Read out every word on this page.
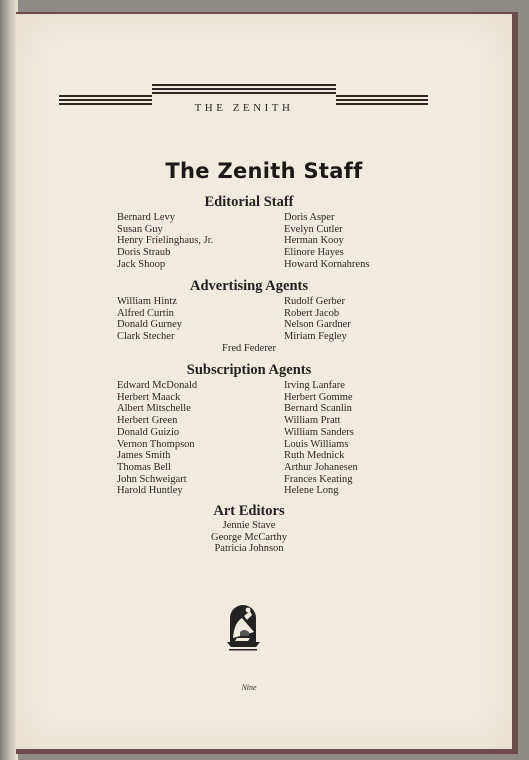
THE ZENITH
The Zenith Staff
Editorial Staff
Bernard Levy
Susan Guy
Henry Frielinghaus, Jr.
Doris Straub
Jack Shoop
Doris Asper
Evelyn Cutler
Herman Kooy
Elinore Hayes
Howard Kornahrens
Advertising Agents
William Hintz
Alfred Curtin
Donald Gurney
Clark Stecher
Rudolf Gerber
Robert Jacob
Nelson Gardner
Miriam Fegley
Fred Federer
Subscription Agents
Edward McDonald
Herbert Maack
Albert Mitschelle
Herbert Green
Donald Guizio
Vernon Thompson
James Smith
Thomas Bell
John Schweigart
Harold Huntley
Irving Lanfare
Herbert Gomme
Bernard Scanlin
William Pratt
William Sanders
Louis Williams
Ruth Mednick
Arthur Johanesen
Frances Keating
Helene Long
Art Editors
Jennie Stave
George McCarthy
Patricia Johnson
Nine
